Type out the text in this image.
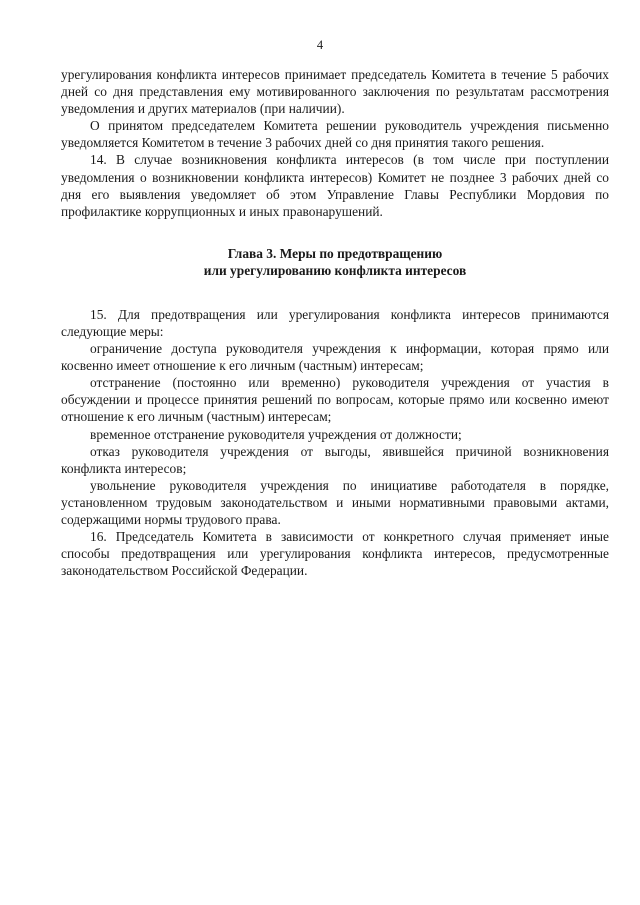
4

урегулирования конфликта интересов принимает председатель Комитета в течение 5 рабочих дней со дня представления ему мотивированного заключения по результатам рассмотрения уведомления и других материалов (при наличии).

О принятом председателем Комитета решении руководитель учреждения письменно уведомляется Комитетом в течение 3 рабочих дней со дня принятия такого решения.

14. В случае возникновения конфликта интересов (в том числе при поступлении уведомления о возникновении конфликта интересов) Комитет не позднее 3 рабочих дней со дня его выявления уведомляет об этом Управление Главы Республики Мордовия по профилактике коррупционных и иных правонарушений.

Глава 3. Меры по предотвращению
или урегулированию конфликта интересов

15. Для предотвращения или урегулирования конфликта интересов принимаются следующие меры:

ограничение доступа руководителя учреждения к информации, которая прямо или косвенно имеет отношение к его личным (частным) интересам;

отстранение (постоянно или временно) руководителя учреждения от участия в обсуждении и процессе принятия решений по вопросам, которые прямо или косвенно имеют отношение к его личным (частным) интересам;

временное отстранение руководителя учреждения от должности;

отказ руководителя учреждения от выгоды, явившейся причиной возникновения конфликта интересов;

увольнение руководителя учреждения по инициативе работодателя в порядке, установленном трудовым законодательством и иными нормативными правовыми актами, содержащими нормы трудового права.

16. Председатель Комитета в зависимости от конкретного случая применяет иные способы предотвращения или урегулирования конфликта интересов, предусмотренные законодательством Российской Федерации.
